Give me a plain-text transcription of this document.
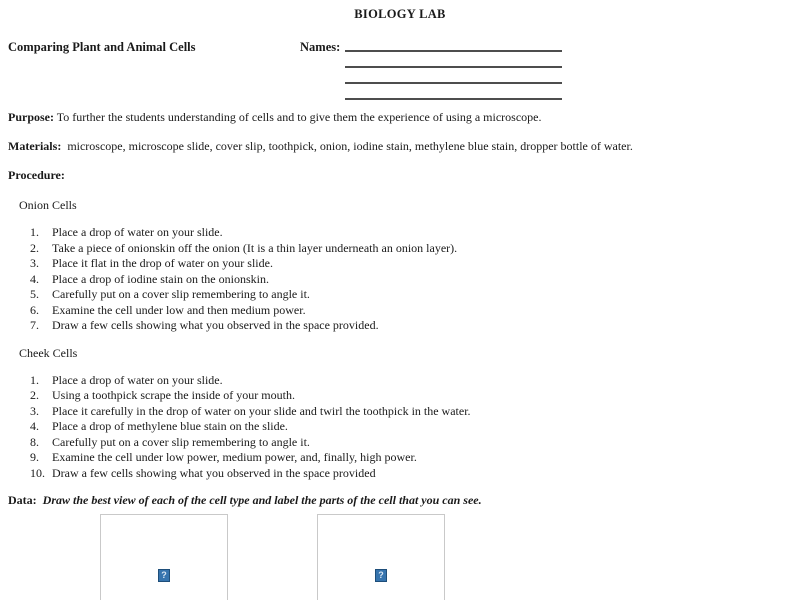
BIOLOGY LAB
Comparing Plant and Animal Cells	Names:

Purpose: To further the students understanding of cells and to give them the experience of using a microscope.

Materials: microscope, microscope slide, cover slip, toothpick, onion, iodine stain, methylene blue stain, dropper bottle of water.

Procedure:

Onion Cells
1.	Place a drop of water on your slide.
2.	Take a piece of onionskin off the onion (It is a thin layer underneath an onion layer).
3.	Place it flat in the drop of water on your slide.
4.	Place a drop of iodine stain on the onionskin.
5.	Carefully put on a cover slip remembering to angle it.
6.	Examine the cell under low and then medium power.
7.	Draw a few cells showing what you observed in the space provided.
Cheek Cells
1.	Place a drop of water on your slide.
2.	Using a toothpick scrape the inside of your mouth.
3.	Place it carefully in the drop of water on your slide and twirl the toothpick in the water.
4.	Place a drop of methylene blue stain on the slide.
8.	Carefully put on a cover slip remembering to angle it.
9.	Examine the cell under low power, medium power, and, finally, high power.
10. Draw a few cells showing what you observed in the space provided

Data: Draw the best view of each of the cell type and label the parts of the cell that you can see.

?	?
